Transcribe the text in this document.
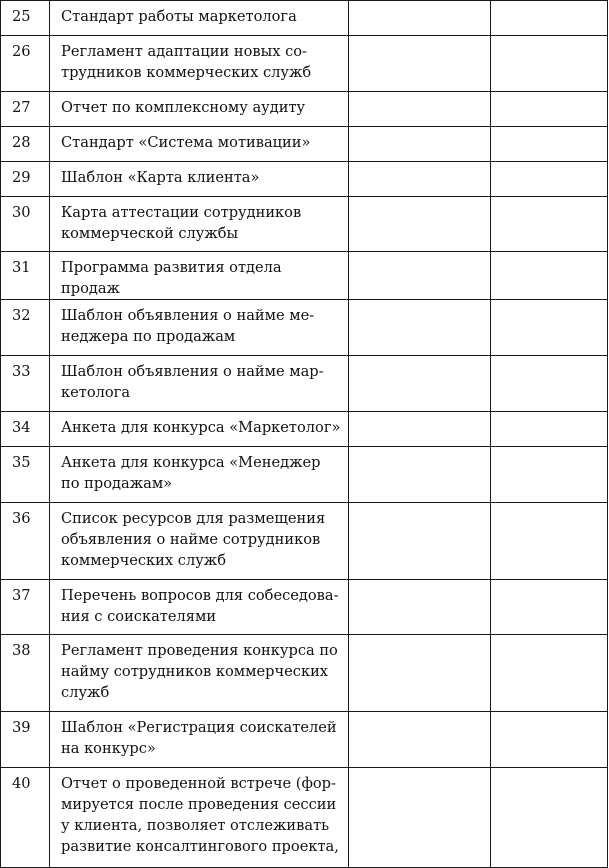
25	Стандарт работы маркетолога		

26	Регламент адаптации новых со-
трудников коммерческих служб		

27	Отчет по комплексному аудиту		

28	Стандарт «Система мотивации»		

29	Шаблон «Карта клиента»		

30	Карта аттестации сотрудников
коммерческой службы		

31	Программа развития отдела продаж		

32	Шаблон объявления о найме ме-
неджера по продажам		

33	Шаблон объявления о найме мар-
кетолога		

34	Анкета для конкурса «Маркетолог»		

35	Анкета для конкурса «Менеджер
по продажам»		

36	Список ресурсов для размещения
объявления о найме сотрудников
коммерческих служб		

37	Перечень вопросов для собеседова-
ния с соискателями		

38	Регламент проведения конкурса по
найму сотрудников коммерческих
служб		

39	Шаблон «Регистрация соискателей
на конкурс»		

40	Отчет о проведенной встрече (фор-
мируется после проведения сессии
у клиента, позволяет отслеживать
развитие консалтингового проекта,		
